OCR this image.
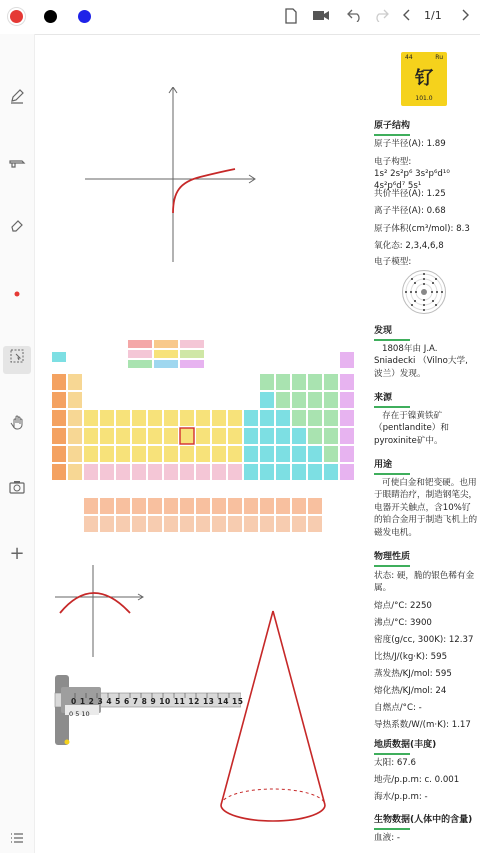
1/1
+
0 1 2 3 4 5 6 7 8 9 10 11 12 13 14 15
0 5 10
44	Ru
钌
101.0
原子结构
原子半径(A): 1.89
电子构型:
1s² 2s²p⁶ 3s²p⁶d¹⁰ 4s²p⁶d⁷ 5s¹
共价半径(A): 1.25
离子半径(A): 0.68
原子体积(cm³/mol): 8.3
氧化态: 2,3,4,6,8
电子模型:
发现
1808年由 J.A. Sniadecki （Vilno大学, 波兰）发现。
来源
存在于镍黄铁矿（pentlandite）和pyroxinite矿中。
用途
可使白金和钯变硬。也用于眼睛治疗，制造钢笔尖，电器开关触点，含10%钌的铂合金用于制造飞机上的磁发电机。
物理性质
状态: 硬，脆的银色稀有金属。
熔点/°C: 2250
沸点/°C: 3900
密度(g/cc, 300K): 12.37
比热/J/(kg·K): 595
蒸发热/KJ/mol: 595
熔化热/KJ/mol: 24
自燃点/°C: -
导热系数/W/(m·K): 1.17
地质数据(丰度)
太阳: 67.6
地壳/p.p.m: c. 0.001
海水/p.p.m: -
生物数据(人体中的含量)
血液: -
